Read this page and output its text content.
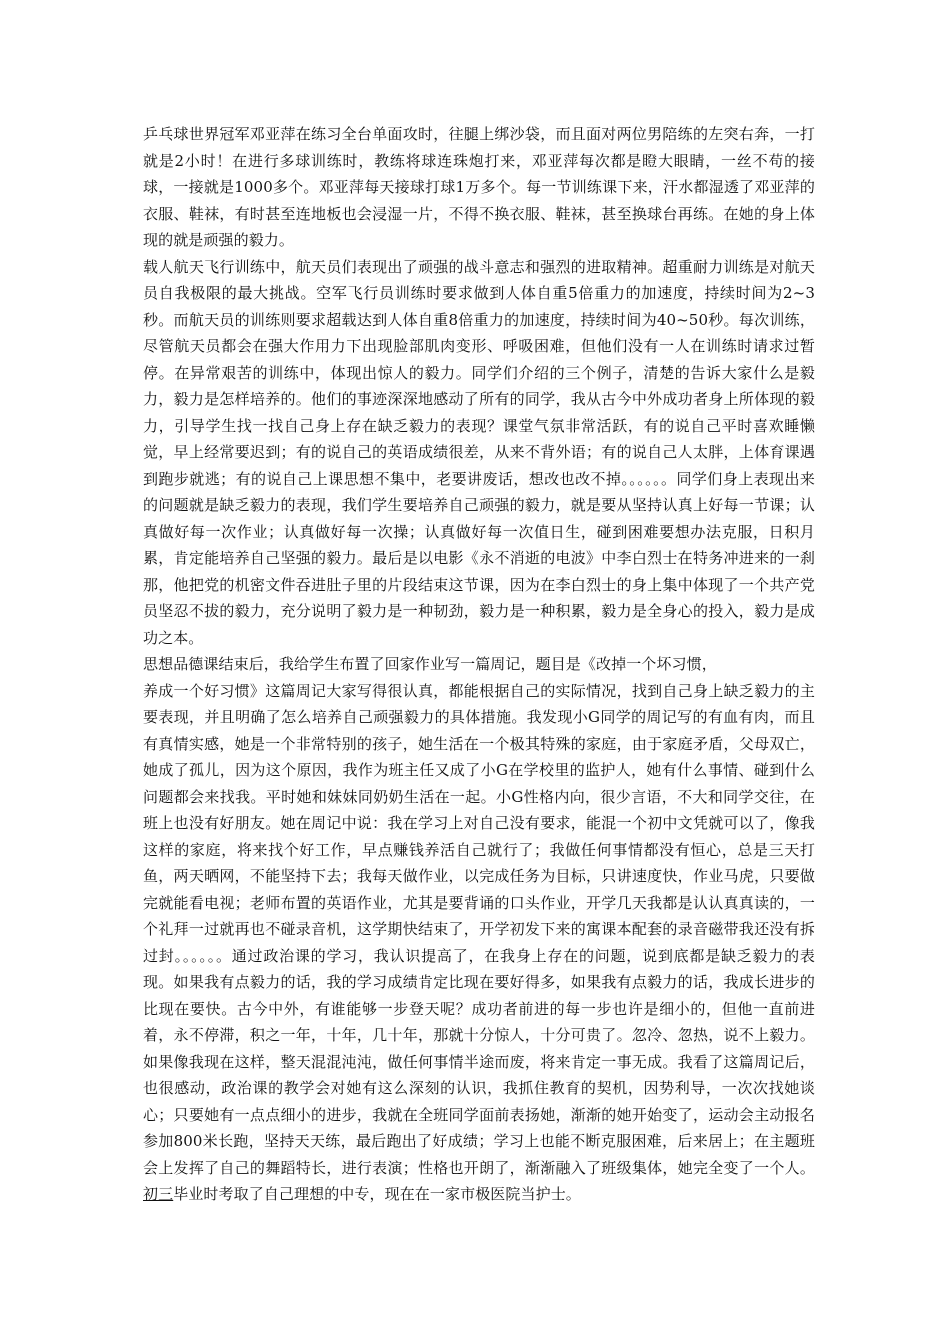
乒乓球世界冠军邓亚萍在练习全台单面攻时，往腿上绑沙袋，而且面对两位男陪练的左突右奔，一打就是2小时！在进行多球训练时，教练将球连珠炮打来，邓亚萍每次都是瞪大眼睛，一丝不苟的接球，一接就是1000多个。邓亚萍每天接球打球1万多个。每一节训练课下来，汗水都湿透了邓亚萍的衣服、鞋袜，有时甚至连地板也会浸湿一片，不得不换衣服、鞋袜，甚至换球台再练。在她的身上体现的就是顽强的毅力。

载人航天飞行训练中，航天员们表现出了顽强的战斗意志和强烈的进取精神。超重耐力训练是对航天员自我极限的最大挑战。空军飞行员训练时要求做到人体自重5倍重力的加速度，持续时间为2~3秒。而航天员的训练则要求超载达到人体自重8倍重力的加速度，持续时间为40~50秒。每次训练，尽管航天员都会在强大作用力下出现脸部肌肉变形、呼吸困难，但他们没有一人在训练时请求过暂停。在异常艰苦的训练中，体现出惊人的毅力。同学们介绍的三个例子，清楚的告诉大家什么是毅力，毅力是怎样培养的。他们的事迹深深地感动了所有的同学，我从古今中外成功者身上所体现的毅力，引导学生找一找自己身上存在缺乏毅力的表现？课堂气氛非常活跃，有的说自己平时喜欢睡懒觉，早上经常要迟到；有的说自己的英语成绩很差，从来不背外语；有的说自己人太胖，上体育课遇到跑步就逃；有的说自己上课思想不集中，老要讲废话，想改也改不掉。。。。。。同学们身上表现出来的问题就是缺乏毅力的表现，我们学生要培养自己顽强的毅力，就是要从坚持认真上好每一节课；认真做好每一次作业；认真做好每一次操；认真做好每一次值日生，碰到困难要想办法克服，日积月累，肯定能培养自己坚强的毅力。最后是以电影《永不消逝的电波》中李白烈士在特务冲进来的一刹那，他把党的机密文件吞进肚子里的片段结束这节课，因为在李白烈士的身上集中体现了一个共产党员坚忍不拔的毅力，充分说明了毅力是一种韧劲，毅力是一种积累，毅力是全身心的投入，毅力是成功之本。

思想品德课结束后，我给学生布置了回家作业写一篇周记，题目是《改掉一个坏习惯，

养成一个好习惯》这篇周记大家写得很认真，都能根据自己的实际情况，找到自己身上缺乏毅力的主要表现，并且明确了怎么培养自己顽强毅力的具体措施。我发现小G同学的周记写的有血有肉，而且有真情实感，她是一个非常特别的孩子，她生活在一个极其特殊的家庭，由于家庭矛盾，父母双亡，她成了孤儿，因为这个原因，我作为班主任又成了小G在学校里的监护人，她有什么事情、碰到什么问题都会来找我。平时她和妹妹同奶奶生活在一起。小G性格内向，很少言语，不大和同学交往，在班上也没有好朋友。她在周记中说：我在学习上对自己没有要求，能混一个初中文凭就可以了，像我这样的家庭，将来找个好工作，早点赚钱养活自己就行了；我做任何事情都没有恒心，总是三天打鱼，两天晒网，不能坚持下去；我每天做作业，以完成任务为目标，只讲速度快，作业马虎，只要做完就能看电视；老师布置的英语作业，尤其是要背诵的口头作业，开学几天我都是认认真真读的，一个礼拜一过就再也不碰录音机，这学期快结束了，开学初发下来的寓课本配套的录音磁带我还没有拆过封。。。。。。通过政治课的学习，我认识提高了，在我身上存在的问题，说到底都是缺乏毅力的表现。如果我有点毅力的话，我的学习成绩肯定比现在要好得多，如果我有点毅力的话，我成长进步的比现在要快。古今中外，有谁能够一步登天呢？成功者前进的每一步也许是细小的，但他一直前进着，永不停滞，积之一年，十年，几十年，那就十分惊人，十分可贵了。忽冷、忽热，说不上毅力。如果像我现在这样，整天混混沌沌，做任何事情半途而废，将来肯定一事无成。我看了这篇周记后，也很感动，政治课的教学会对她有这么深刻的认识，我抓住教育的契机，因势利导，一次次找她谈心；只要她有一点点细小的进步，我就在全班同学面前表扬她，渐渐的她开始变了，运动会主动报名参加800米长跑，坚持天天练，最后跑出了好成绩；学习上也能不断克服困难，后来居上；在主题班会上发挥了自己的舞蹈特长，进行表演；性格也开朗了，渐渐融入了班级集体，她完全变了一个人。初三毕业时考取了自己理想的中专，现在在一家市极医院当护士。
